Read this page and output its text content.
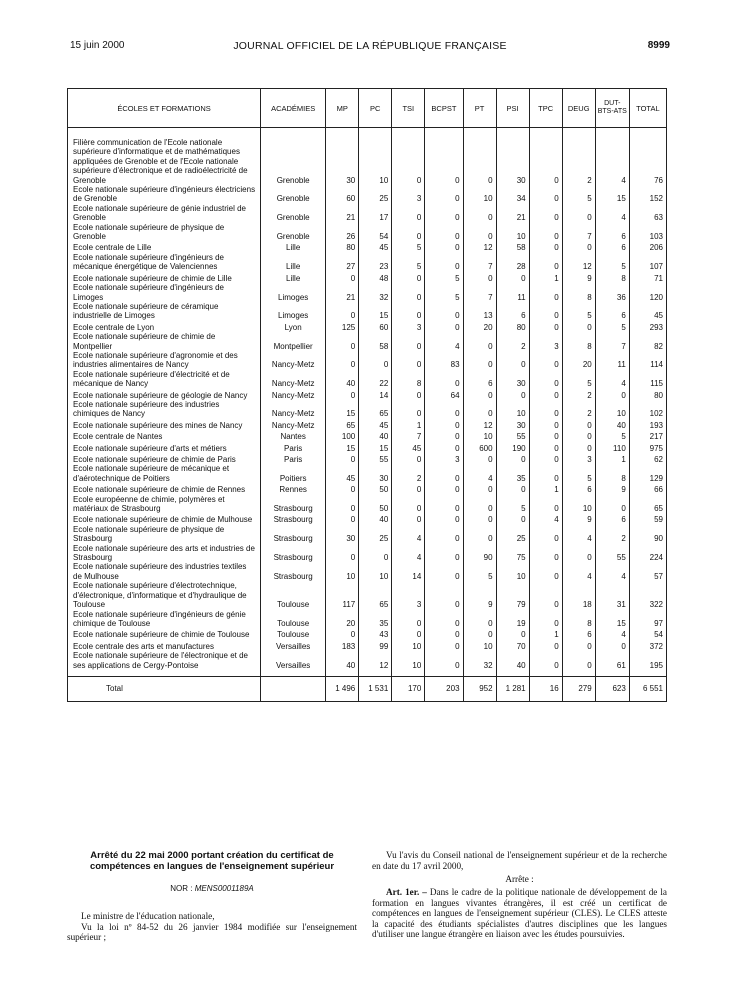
15 juin 2000	JOURNAL OFFICIEL DE LA RÉPUBLIQUE FRANÇAISE	8999
ÉCOLES ET FORMATIONS	ACADÉMIES	MP	PC	TSI	BCPST	PT	PSI	TPC	DEUG	DUT-BTS-ATS	TOTAL
Filière communication de l'Ecole nationale supérieure d'informatique et de mathématiques appliquées de Grenoble et de l'Ecole nationale supérieure d'électronique et de radioélectricité de Grenoble	Grenoble	30	10	0	0	0	30	0	2	4	76
Ecole nationale supérieure d'ingénieurs électriciens de Grenoble	Grenoble	60	25	3	0	10	34	0	5	15	152
Ecole nationale supérieure de génie industriel de Grenoble	Grenoble	21	17	0	0	0	21	0	0	4	63
Ecole nationale supérieure de physique de Grenoble	Grenoble	26	54	0	0	0	10	0	7	6	103
Ecole centrale de Lille	Lille	80	45	5	0	12	58	0	0	6	206
Ecole nationale supérieure d'ingénieurs de mécanique énergétique de Valenciennes	Lille	27	23	5	0	7	28	0	12	5	107
Ecole nationale supérieure de chimie de Lille	Lille	0	48	0	5	0	0	1	9	8	71
Ecole nationale supérieure d'ingénieurs de Limoges	Limoges	21	32	0	5	7	11	0	8	36	120
Ecole nationale supérieure de céramique industrielle de Limoges	Limoges	0	15	0	0	13	6	0	5	6	45
Ecole centrale de Lyon	Lyon	125	60	3	0	20	80	0	0	5	293
Ecole nationale supérieure de chimie de Montpellier	Montpellier	0	58	0	4	0	2	3	8	7	82
Ecole nationale supérieure d'agronomie et des industries alimentaires de Nancy	Nancy-Metz	0	0	0	83	0	0	0	20	11	114
Ecole nationale supérieure d'électricité et de mécanique de Nancy	Nancy-Metz	40	22	8	0	6	30	0	5	4	115
Ecole nationale supérieure de géologie de Nancy	Nancy-Metz	0	14	0	64	0	0	0	2	0	80
Ecole nationale supérieure des industries chimiques de Nancy	Nancy-Metz	15	65	0	0	0	10	0	2	10	102
Ecole nationale supérieure des mines de Nancy	Nancy-Metz	65	45	1	0	12	30	0	0	40	193
Ecole centrale de Nantes	Nantes	100	40	7	0	10	55	0	0	5	217
Ecole nationale supérieure d'arts et métiers	Paris	15	15	45	0	600	190	0	0	110	975
Ecole nationale supérieure de chimie de Paris	Paris	0	55	0	3	0	0	0	3	1	62
Ecole nationale supérieure de mécanique et d'aérotechnique de Poitiers	Poitiers	45	30	2	0	4	35	0	5	8	129
Ecole nationale supérieure de chimie de Rennes	Rennes	0	50	0	0	0	0	1	6	9	66
Ecole européenne de chimie, polymères et matériaux de Strasbourg	Strasbourg	0	50	0	0	0	5	0	10	0	65
Ecole nationale supérieure de chimie de Mulhouse	Strasbourg	0	40	0	0	0	0	4	9	6	59
Ecole nationale supérieure de physique de Strasbourg	Strasbourg	30	25	4	0	0	25	0	4	2	90
Ecole nationale supérieure des arts et industries de Strasbourg	Strasbourg	0	0	4	0	90	75	0	0	55	224
Ecole nationale supérieure des industries textiles de Mulhouse	Strasbourg	10	10	14	0	5	10	0	4	4	57
Ecole nationale supérieure d'électrotechnique, d'électronique, d'informatique et d'hydraulique de Toulouse	Toulouse	117	65	3	0	9	79	0	18	31	322
Ecole nationale supérieure d'ingénieurs de génie chimique de Toulouse	Toulouse	20	35	0	0	0	19	0	8	15	97
Ecole nationale supérieure de chimie de Toulouse	Toulouse	0	43	0	0	0	0	1	6	4	54
Ecole centrale des arts et manufactures	Versailles	183	99	10	0	10	70	0	0	0	372
Ecole nationale supérieure de l'électronique et de ses applications de Cergy-Pontoise	Versailles	40	12	10	0	32	40	0	0	61	195
Total		1 496	1 531	170	203	952	1 281	16	279	623	6 551
Arrêté du 22 mai 2000 portant création du certificat de compétences en langues de l'enseignement supérieur
NOR : MENS0001189A

Le ministre de l'éducation nationale,

Vu la loi nº 84-52 du 26 janvier 1984 modifiée sur l'enseignement supérieur ;

Vu l'avis du Conseil national de l'enseignement supérieur et de la recherche en date du 17 avril 2000,

Arrête :

Art. 1er. – Dans le cadre de la politique nationale de développement de la formation en langues vivantes étrangères, il est créé un certificat de compétences en langues de l'enseignement supérieur (CLES). Le CLES atteste la capacité des étudiants spécialistes d'autres disciplines que les langues d'utiliser une langue étrangère en liaison avec les études poursuivies.
